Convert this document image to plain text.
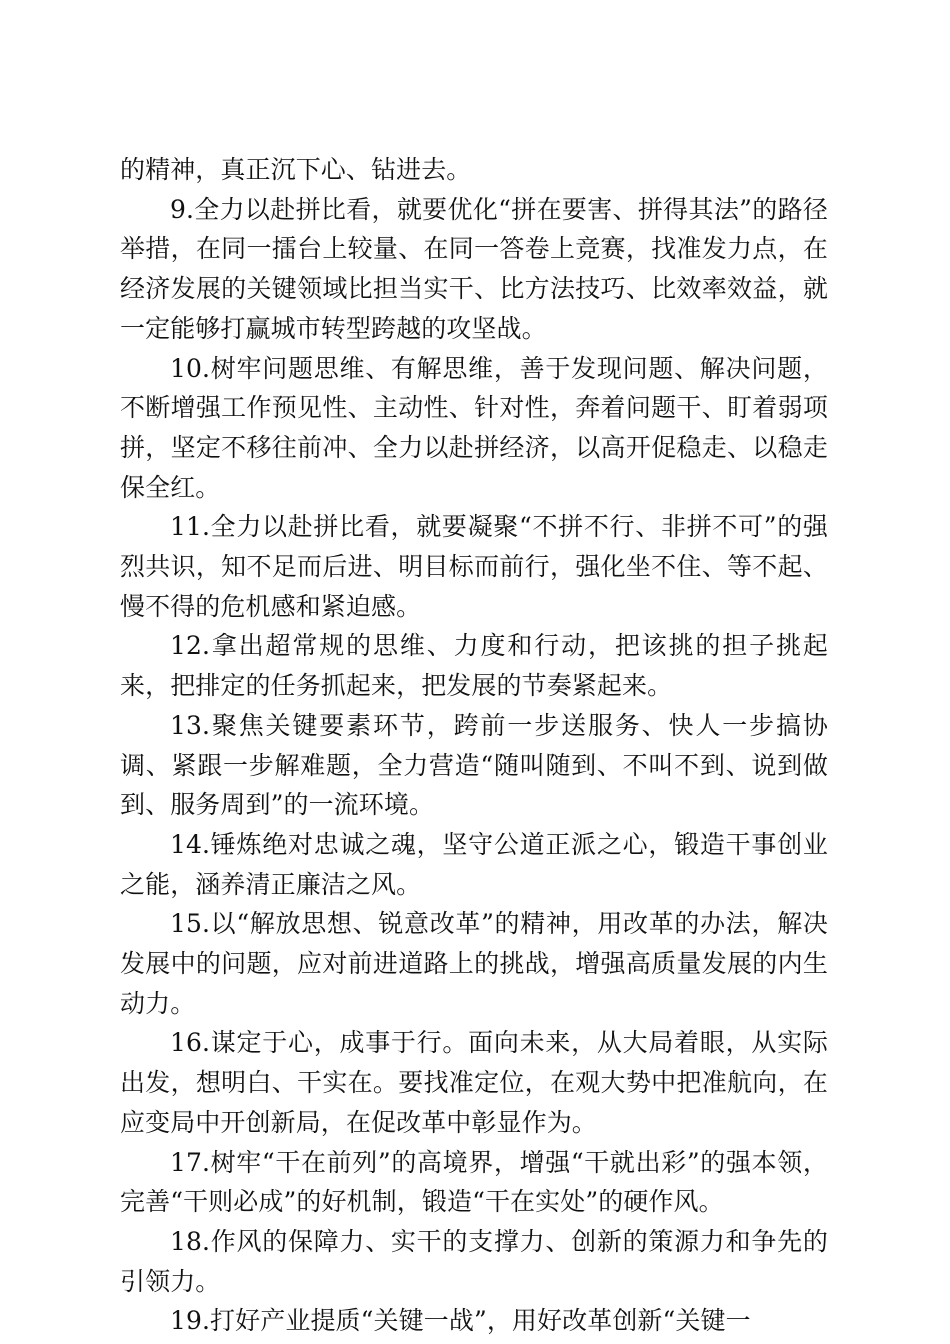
的精神，真正沉下心、钻进去。

9.全力以赴拼比看，就要优化“拼在要害、拼得其法”的路径举措，在同一擂台上较量、在同一答卷上竞赛，找准发力点，在经济发展的关键领域比担当实干、比方法技巧、比效率效益，就一定能够打赢城市转型跨越的攻坚战。

10.树牢问题思维、有解思维，善于发现问题、解决问题，不断增强工作预见性、主动性、针对性，奔着问题干、盯着弱项拼，坚定不移往前冲、全力以赴拼经济，以高开促稳走、以稳走保全红。

11.全力以赴拼比看，就要凝聚“不拼不行、非拼不可”的强烈共识，知不足而后进、明目标而前行，强化坐不住、等不起、慢不得的危机感和紧迫感。

12.拿出超常规的思维、力度和行动，把该挑的担子挑起来，把排定的任务抓起来，把发展的节奏紧起来。

13.聚焦关键要素环节，跨前一步送服务、快人一步搞协调、紧跟一步解难题，全力营造“随叫随到、不叫不到、说到做到、服务周到”的一流环境。

14.锤炼绝对忠诚之魂，坚守公道正派之心，锻造干事创业之能，涵养清正廉洁之风。

15.以“解放思想、锐意改革”的精神，用改革的办法，解决发展中的问题，应对前进道路上的挑战，增强高质量发展的内生动力。

16.谋定于心，成事于行。面向未来，从大局着眼，从实际出发，想明白、干实在。要找准定位，在观大势中把准航向，在应变局中开创新局，在促改革中彰显作为。

17.树牢“干在前列”的高境界，增强“干就出彩”的强本领，完善“干则必成”的好机制，锻造“干在实处”的硬作风。

18.作风的保障力、实干的支撑力、创新的策源力和争先的引领力。

19.打好产业提质“关键一战”，用好改革创新“关键一
